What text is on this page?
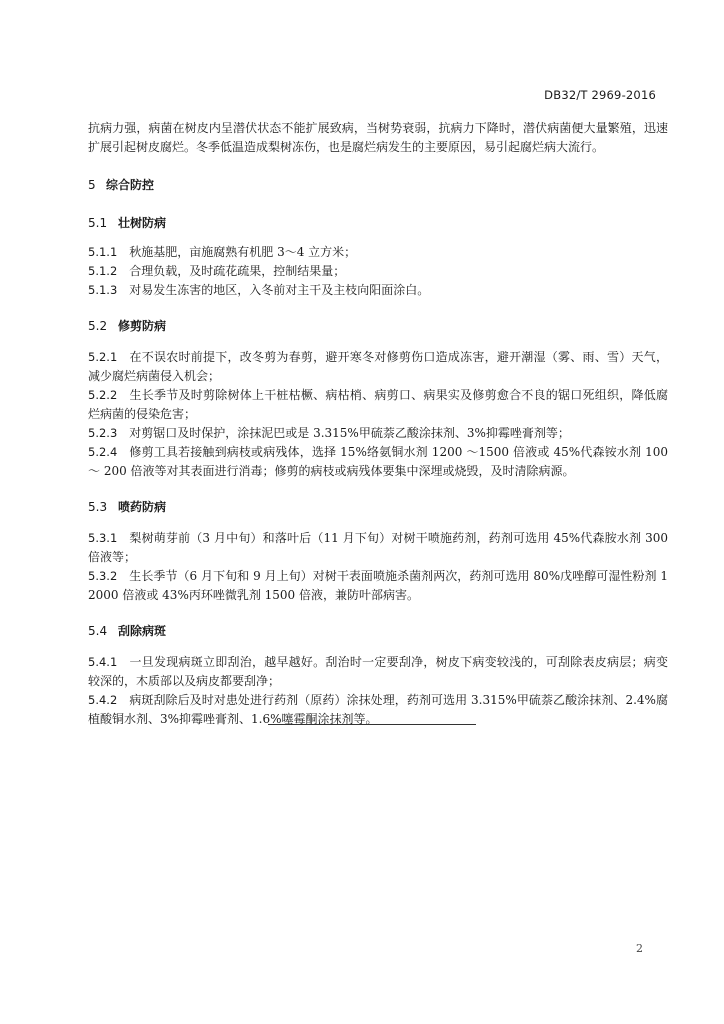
DB32/T 2969-2016

抗病力强，病菌在树皮内呈潜伏状态不能扩展致病，当树势衰弱，抗病力下降时，潜伏病菌便大量繁殖，迅速扩展引起树皮腐烂。冬季低温造成梨树冻伤，也是腐烂病发生的主要原因，易引起腐烂病大流行。

5 综合防控

5.1 壮树防病

5.1.1 秋施基肥，亩施腐熟有机肥 3～4 立方米；

5.1.2 合理负载，及时疏花疏果，控制结果量；

5.1.3 对易发生冻害的地区，入冬前对主干及主枝向阳面涂白。

5.2 修剪防病

5.2.1 在不误农时前提下，改冬剪为春剪，避开寒冬对修剪伤口造成冻害，避开潮湿（雾、雨、雪）天气，减少腐烂病菌侵入机会；

5.2.2 生长季节及时剪除树体上干桩枯橛、病枯梢、病剪口、病果实及修剪愈合不良的锯口死组织，降低腐烂病菌的侵染危害；

5.2.3 对剪锯口及时保护，涂抹泥巴或是 3.315%甲硫萘乙酸涂抹剂、3%抑霉唑膏剂等；

5.2.4 修剪工具若接触到病枝或病残体，选择 15%络氨铜水剂 1200 ～1500 倍液或 45%代森铵水剂 100 ～ 200 倍液等对其表面进行消毒；修剪的病枝或病残体要集中深埋或烧毁，及时清除病源。

5.3 喷药防病

5.3.1 梨树萌芽前（3 月中旬）和落叶后（11 月下旬）对树干喷施药剂，药剂可选用 45%代森胺水剂 300 倍液等；

5.3.2 生长季节（6 月下旬和 9 月上旬）对树干表面喷施杀菌剂两次，药剂可选用 80%戊唑醇可湿性粉剂 12000 倍液或 43%丙环唑微乳剂 1500 倍液，兼防叶部病害。

5.4 刮除病斑

5.4.1 一旦发现病斑立即刮治，越早越好。刮治时一定要刮净，树皮下病变较浅的，可刮除表皮病层；病变较深的，木质部以及病皮都要刮净；

5.4.2 病斑刮除后及时对患处进行药剂（原药）涂抹处理，药剂可选用 3.315%甲硫萘乙酸涂抹剂、2.4%腐植酸铜水剂、3%抑霉唑膏剂、1.6%噻霉酮涂抹剂等。

2
